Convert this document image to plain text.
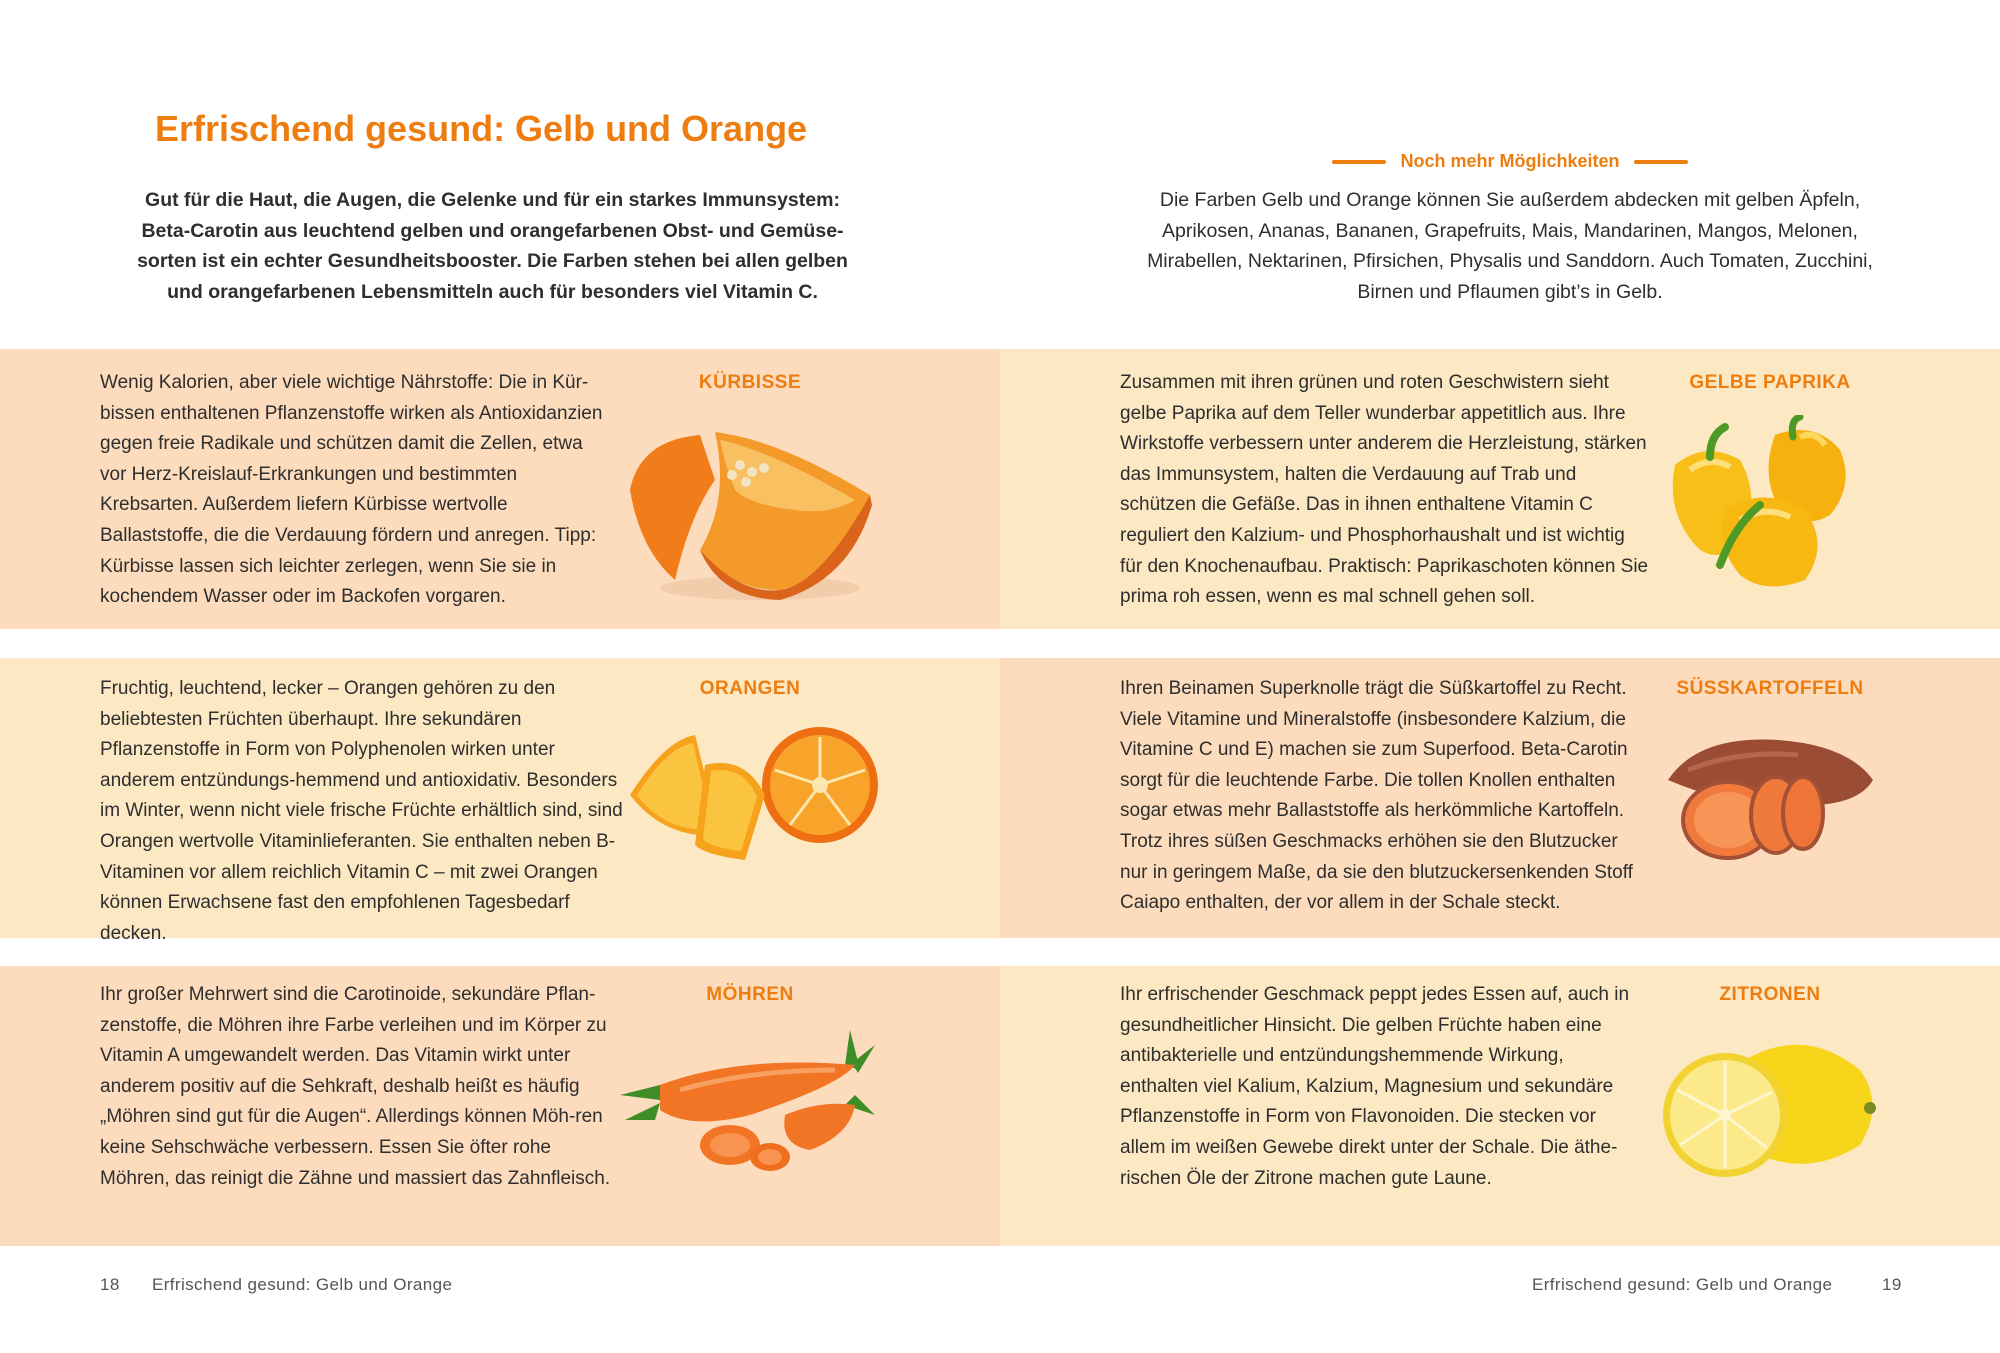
Erfrischend gesund: Gelb und Orange

Gut für die Haut, die Augen, die Gelenke und für ein starkes Immunsystem: Beta-Carotin aus leuchtend gelben und orangefarbenen Obst- und Gemüse-sorten ist ein echter Gesundheitsbooster. Die Farben stehen bei allen gelben und orangefarbenen Lebensmitteln auch für besonders viel Vitamin C.

Noch mehr Möglichkeiten

Die Farben Gelb und Orange können Sie außerdem abdecken mit gelben Äpfeln, Aprikosen, Ananas, Bananen, Grapefruits, Mais, Mandarinen, Mangos, Melonen, Mirabellen, Nektarinen, Pfirsichen, Physalis und Sanddorn. Auch Tomaten, Zucchini, Birnen und Pflaumen gibt’s in Gelb.

KÜRBISSE

Wenig Kalorien, aber viele wichtige Nährstoffe: Die in Kür-bissen enthaltenen Pflanzenstoffe wirken als Antioxidanzien gegen freie Radikale und schützen damit die Zellen, etwa vor Herz-Kreislauf-Erkrankungen und bestimmten Krebsarten. Außerdem liefern Kürbisse wertvolle Ballaststoffe, die die Verdauung fördern und anregen. Tipp: Kürbisse lassen sich leichter zerlegen, wenn Sie sie in kochendem Wasser oder im Backofen vorgaren.

GELBE PAPRIKA

Zusammen mit ihren grünen und roten Geschwistern sieht gelbe Paprika auf dem Teller wunderbar appetitlich aus. Ihre Wirkstoffe verbessern unter anderem die Herzleistung, stärken das Immunsystem, halten die Verdauung auf Trab und schützen die Gefäße. Das in ihnen enthaltene Vitamin C reguliert den Kalzium- und Phosphorhaushalt und ist wichtig für den Knochenaufbau. Praktisch: Paprikaschoten können Sie prima roh essen, wenn es mal schnell gehen soll.

ORANGEN

Fruchtig, leuchtend, lecker – Orangen gehören zu den beliebtesten Früchten überhaupt. Ihre sekundären Pflanzenstoffe in Form von Polyphenolen wirken unter anderem entzündungs-hemmend und antioxidativ. Besonders im Winter, wenn nicht viele frische Früchte erhältlich sind, sind Orangen wertvolle Vitaminlieferanten. Sie enthalten neben B-Vitaminen vor allem reichlich Vitamin C – mit zwei Orangen können Erwachsene fast den empfohlenen Tagesbedarf decken.

SÜSSKARTOFFELN

Ihren Beinamen Superknolle trägt die Süßkartoffel zu Recht. Viele Vitamine und Mineralstoffe (insbesondere Kalzium, die Vitamine C und E) machen sie zum Superfood. Beta-Carotin sorgt für die leuchtende Farbe. Die tollen Knollen enthalten sogar etwas mehr Ballaststoffe als herkömmliche Kartoffeln. Trotz ihres süßen Geschmacks erhöhen sie den Blutzucker nur in geringem Maße, da sie den blutzuckersenkenden Stoff Caiapo enthalten, der vor allem in der Schale steckt.

MÖHREN

Ihr großer Mehrwert sind die Carotinoide, sekundäre Pflan-zenstoffe, die Möhren ihre Farbe verleihen und im Körper zu Vitamin A umgewandelt werden. Das Vitamin wirkt unter anderem positiv auf die Sehkraft, deshalb heißt es häufig „Möhren sind gut für die Augen“. Allerdings können Möh-ren keine Sehschwäche verbessern. Essen Sie öfter rohe Möhren, das reinigt die Zähne und massiert das Zahnfleisch.

ZITRONEN

Ihr erfrischender Geschmack peppt jedes Essen auf, auch in gesundheitlicher Hinsicht. Die gelben Früchte haben eine antibakterielle und entzündungshemmende Wirkung, enthalten viel Kalium, Kalzium, Magnesium und sekundäre Pflanzenstoffe in Form von Flavonoiden. Die stecken vor allem im weißen Gewebe direkt unter der Schale. Die äthe-rischen Öle der Zitrone machen gute Laune.

18 Erfrischend gesund: Gelb und Orange	Erfrischend gesund: Gelb und Orange	19
